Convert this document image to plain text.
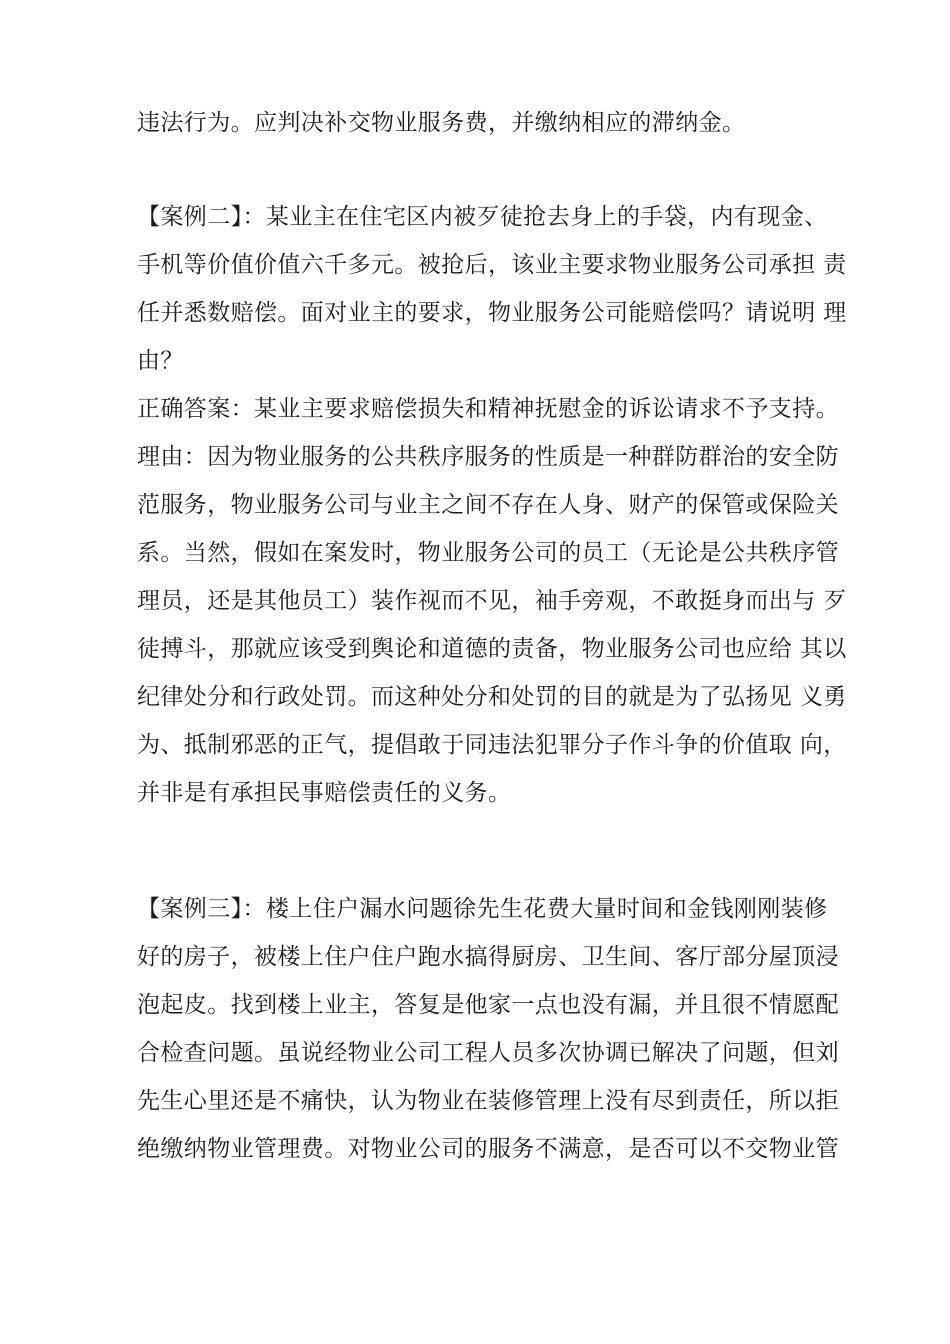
违法行为。应判决补交物业服务费，并缴纳相应的滞纳金。
【案例二】：某业主在住宅区内被歹徒抢去身上的手袋，内有现金、
手机等价值价值六千多元。被抢后，该业主要求物业服务公司承担 责
任并悉数赔偿。面对业主的要求，物业服务公司能赔偿吗？请说明 理
由？
正确答案：某业主要求赔偿损失和精神抚慰金的诉讼请求不予支持。
理由：因为物业服务的公共秩序服务的性质是一种群防群治的安全防
范服务，物业服务公司与业主之间不存在人身、财产的保管或保险关
系。当然，假如在案发时，物业服务公司的员工（无论是公共秩序管
理员，还是其他员工）装作视而不见，袖手旁观，不敢挺身而出与 歹
徒搏斗，那就应该受到舆论和道德的责备，物业服务公司也应给 其以
纪律处分和行政处罚。而这种处分和处罚的目的就是为了弘扬见 义勇
为、抵制邪恶的正气，提倡敢于同违法犯罪分子作斗争的价值取 向，
并非是有承担民事赔偿责任的义务。
【案例三】：楼上住户漏水问题徐先生花费大量时间和金钱刚刚装修
好的房子，被楼上住户住户跑水搞得厨房、卫生间、客厅部分屋顶浸
泡起皮。找到楼上业主，答复是他家一点也没有漏，并且很不情愿配
合检查问题。虽说经物业公司工程人员多次协调已解决了问题，但刘
先生心里还是不痛快，认为物业在装修管理上没有尽到责任，所以拒
绝缴纳物业管理费。对物业公司的服务不满意，是否可以不交物业管
